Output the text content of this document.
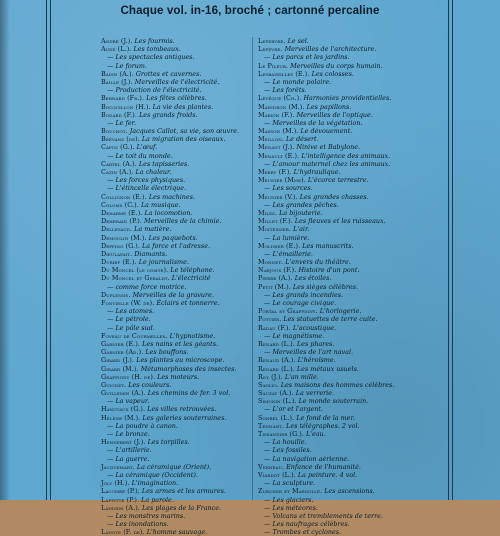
Chaque vol. in-16, broché ; cartonné percaline
André (J.). Les fourmis.
Audé (L.). Les tombeaux.
— Les spectacles antiques.
— Le forum.
Badin (A.). Grottes et cavernes.
Baille (J.). Merveilles de l'électricité.
— Production de l'électricité.
Bernard (Fr.). Les fêtes célèbres.
Bocquillon (H.). La vie des plantes.
Bodard (F.). Les grands froids.
— Le fer.
Bouchot. Jacques Callot, sa vie, son œuvre.
Brévans (de). La migration des oiseaux.
Capus (G.). L'œuf.
— Le toit du monde.
Cartel (A.). Les tapisseries.
Cazin (A.). La chaleur.
— Les forces physiques.
— L'étincelle électrique.
Collignon (E.). Les machines.
Coloms (C.). La musique.
Deharme (E.). La locomotion.
Deherain (P.). Merveilles de la chimie.
Delleyaud. La matière.
Demoulin (M.). Les paquebots.
Depping (G.). La force et l'adresse.
Dieulafait. Diamants.
Dubief (E.). Le journalisme.
Du Moncel (le comte). Le téléphone.
Du Moncel et Geraldy. L'électricité
— comme force motrice.
Duplessis. Merveilles de la gravure.
Fonvielle (W. de). Éclairs et tonnerre.
— Les atomes.
— Le pétrole.
— Le pôle sud.
Foveau de Courmelles. L'hypnotisme.
Garnier (E.). Les nains et les géants.
Garnier (Ad.). Les bouffons.
Girard (J.). Les plantes au microscope.
Girard (M.). Métamorphoses des insectes.
Graffigny (H. de). Les moteurs.
Guignet. Les couleurs.
Guillemin (A.). Les chemins de fer. 3 vol.
— La vapeur.
Hanotaux (G.). Les villes retrouvées.
Hélène (M.). Les galeries souterraines.
— La poudre à canon.
— Le bronze.
Hennebert (J.). Les torpilles.
— L'artillerie.
— La guerre.
Jacquemart. La céramique (Orient).
— La céramique (Occident).
Joly (H.). L'imagination.
Lacombe (P.). Les armes et les armures.
Laffitte (P.). La parole.
Landrin (A.). Les plages de la France.
— Les monstres marins.
— Les inondations.
Lanoye (F. de). L'homme sauvage.
Lefebvre. Le sel.
Lefèvre. Merveilles de l'architecture.
— Les parcs et les jardins.
Le Pileur. Merveilles du corps humain.
Lesbazeilles (E.). Les colosses.
— Le monde polaire.
— Les forêts.
Lévêque (Ch.). Harmonies providentielles.
Maindron (M.). Les papillons.
Marion (F.). Merveilles de l'optique.
— Merveilles de la végétation.
Masson (M.). Le dévouement.
Meillon. Le désert.
Menant (J.). Ninive et Babylone.
Menault (E.). L'intelligence des animaux.
— L'amour maternel chez les animaux.
Merry (F.). L'hydraulique.
Meunier (Mme). L'écorce terrestre.
— Les sources.
Meunier (V.). Les grandes chasses.
— Les grandes pêches.
Milès. La bijouterie.
Millet (F.). Les fleuves et les ruisseaux.
Moitessier. L'air.
— La lumière.
Molinier (E.). Les manuscrits.
— L'émaillerie.
Monnet. L'envers du théâtre.
Narjoux (F.). Histoire d'un pont.
Pierre (A.). Les étoiles.
Petit (M.). Les sièges célèbres.
— Les grands incendies.
— Le courage civique.
Portal et Graffigny. L'horlogerie.
Pottier. Les statuettes de terre cuite.
Radau (F.). L'acoustique.
— Le magnétisme.
Renard (L.). Les phares.
— Merveilles de l'art naval.
Renaud (A.). L'héroïsme.
Renard (L.). Les métaux usuels.
Roy (J.). L'an mille.
Saglio. Les maisons des hommes célèbres.
Sauzay (A.). La verrerie.
Simonin (L.). Le monde souterrain.
— L'or et l'argent.
Sonrel (L.). Le fond de la mer.
Tennant. Les télégraphes. 2 vol.
Tissandier (G.). L'eau.
— La houille.
— Les fossiles.
— La navigation aérienne.
Verneau. Enfance de l'humanité.
Viardot (L.). La peinture. 4 vol.
— La sculpture.
Zurcher et Margollé. Les ascensions.
— Les glaciers.
— Les météores.
— Volcans et tremblements de terre.
— Les naufrages célèbres.
— Trombes et cyclones.
